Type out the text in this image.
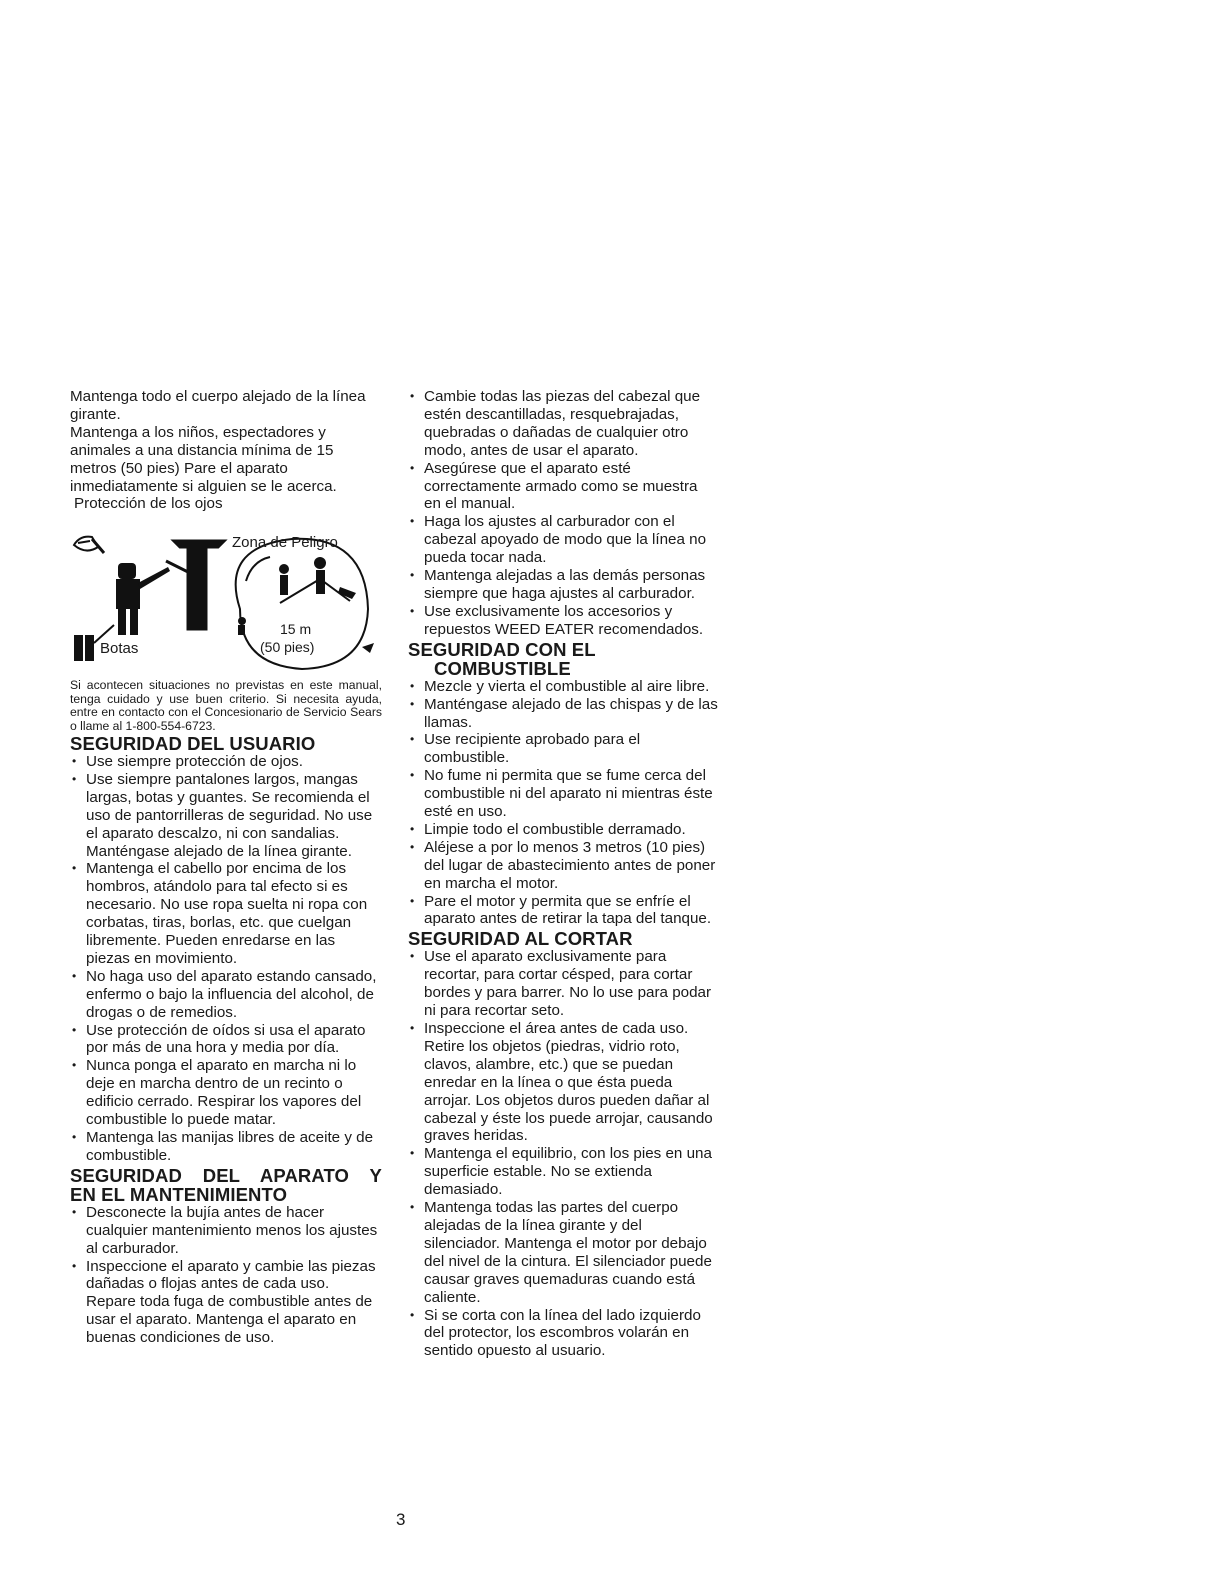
Mantenga todo el cuerpo alejado de la línea girante.

Mantenga a los niños, espectadores y animales a una distancia mínima de 15 metros (50 pies) Pare el aparato inmediatamente si alguien se le acerca.

Protección de los ojos

Zona de Peligro
15 m
(50 pies)
Botas

Si acontecen situaciones no previstas en este manual, tenga cuidado y use buen criterio. Si necesita ayuda, entre en contacto con el Concesionario de Servicio Sears o llame al 1-800-554-6723.

SEGURIDAD DEL USUARIO
• Use siempre protección de ojos.
• Use siempre pantalones largos, mangas largas, botas y guantes. Se recomienda el uso de pantorrilleras de seguridad. No use el aparato descalzo, ni con sandalias. Manténgase alejado de la línea girante.
• Mantenga el cabello por encima de los hombros, atándolo para tal efecto si es necesario. No use ropa suelta ni ropa con corbatas, tiras, borlas, etc. que cuelgan libremente. Pueden enredarse en las piezas en movimiento.
• No haga uso del aparato estando cansado, enfermo o bajo la influencia del alcohol, de drogas o de remedios.
• Use protección de oídos si usa el aparato por más de una hora y media por día.
• Nunca ponga el aparato en marcha ni lo deje en marcha dentro de un recinto o edificio cerrado. Respirar los vapores del combustible lo puede matar.
• Mantenga las manijas libres de aceite y de combustible.
SEGURIDAD DEL APARATO Y
EN EL MANTENIMIENTO
• Desconecte la bujía antes de hacer cualquier mantenimiento menos los ajustes al carburador.
• Inspeccione el aparato y cambie las piezas dañadas o flojas antes de cada uso. Repare toda fuga de combustible antes de usar el aparato. Mantenga el aparato en buenas condiciones de uso.
• Cambie todas las piezas del cabezal que estén descantilladas, resquebrajadas, quebradas o dañadas de cualquier otro modo, antes de usar el aparato.
• Asegúrese que el aparato esté correctamente armado como se muestra en el manual.
• Haga los ajustes al carburador con el cabezal apoyado de modo que la línea no pueda tocar nada.
• Mantenga alejadas a las demás personas siempre que haga ajustes al carburador.
• Use exclusivamente los accesorios y repuestos WEED EATER recomendados.
SEGURIDAD CON EL
COMBUSTIBLE
• Mezcle y vierta el combustible al aire libre.
• Manténgase alejado de las chispas y de las llamas.
• Use recipiente aprobado para el combustible.
• No fume ni permita que se fume cerca del combustible ni del aparato ni mientras éste esté en uso.
• Limpie todo el combustible derramado.
• Aléjese a por lo menos 3 metros (10 pies) del lugar de abastecimiento antes de poner en marcha el motor.
• Pare el motor y permita que se enfríe el aparato antes de retirar la tapa del tanque.
SEGURIDAD AL CORTAR
• Use el aparato exclusivamente para recortar, para cortar césped, para cortar bordes y para barrer. No lo use para podar ni para recortar seto.
• Inspeccione el área antes de cada uso. Retire los objetos (piedras, vidrio roto, clavos, alambre, etc.) que se puedan enredar en la línea o que ésta pueda arrojar. Los objetos duros pueden dañar al cabezal y éste los puede arrojar, causando graves heridas.
• Mantenga el equilibrio, con los pies en una superficie estable. No se extienda demasiado.
• Mantenga todas las partes del cuerpo alejadas de la línea girante y del silenciador. Mantenga el motor por debajo del nivel de la cintura. El silenciador puede causar graves quemaduras cuando está caliente.
• Si se corta con la línea del lado izquierdo del protector, los escombros volarán en sentido opuesto al usuario.
3
